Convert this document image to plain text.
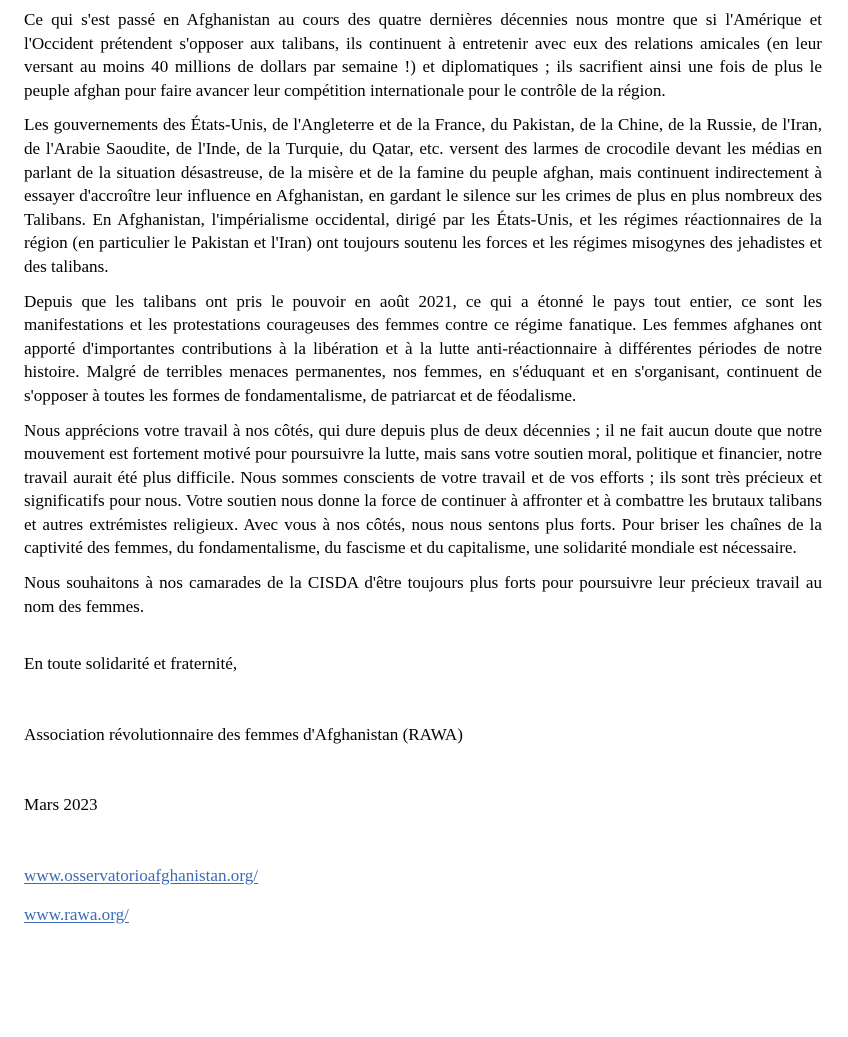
Ce qui s'est passé en Afghanistan au cours des quatre dernières décennies nous montre que si l'Amérique et l'Occident prétendent s'opposer aux talibans, ils continuent à entretenir avec eux des relations amicales (en leur versant au moins 40 millions de dollars par semaine !) et diplomatiques ; ils sacrifient ainsi une fois de plus le peuple afghan pour faire avancer leur compétition internationale pour le contrôle de la région.

Les gouvernements des États-Unis, de l'Angleterre et de la France, du Pakistan, de la Chine, de la Russie, de l'Iran, de l'Arabie Saoudite, de l'Inde, de la Turquie, du Qatar, etc. versent des larmes de crocodile devant les médias en parlant de la situation désastreuse, de la misère et de la famine du peuple afghan, mais continuent indirectement à essayer d'accroître leur influence en Afghanistan, en gardant le silence sur les crimes de plus en plus nombreux des Talibans. En Afghanistan, l'impérialisme occidental, dirigé par les États-Unis, et les régimes réactionnaires de la région (en particulier le Pakistan et l'Iran) ont toujours soutenu les forces et les régimes misogynes des jehadistes et des talibans.

Depuis que les talibans ont pris le pouvoir en août 2021, ce qui a étonné le pays tout entier, ce sont les manifestations et les protestations courageuses des femmes contre ce régime fanatique. Les femmes afghanes ont apporté d'importantes contributions à la libération et à la lutte anti-réactionnaire à différentes périodes de notre histoire. Malgré de terribles menaces permanentes, nos femmes, en s'éduquant et en s'organisant, continuent de s'opposer à toutes les formes de fondamentalisme, de patriarcat et de féodalisme.

Nous apprécions votre travail à nos côtés, qui dure depuis plus de deux décennies ; il ne fait aucun doute que notre mouvement est fortement motivé pour poursuivre la lutte, mais sans votre soutien moral, politique et financier, notre travail aurait été plus difficile. Nous sommes conscients de votre travail et de vos efforts ; ils sont très précieux et significatifs pour nous. Votre soutien nous donne la force de continuer à affronter et à combattre les brutaux talibans et autres extrémistes religieux. Avec vous à nos côtés, nous nous sentons plus forts. Pour briser les chaînes de la captivité des femmes, du fondamentalisme, du fascisme et du capitalisme, une solidarité mondiale est nécessaire.

Nous souhaitons à nos camarades de la CISDA d'être toujours plus forts pour poursuivre leur précieux travail au nom des femmes.

En toute solidarité et fraternité,

Association révolutionnaire des femmes d'Afghanistan (RAWA)

Mars 2023

www.osservatorioafghanistan.org/
www.rawa.org/
